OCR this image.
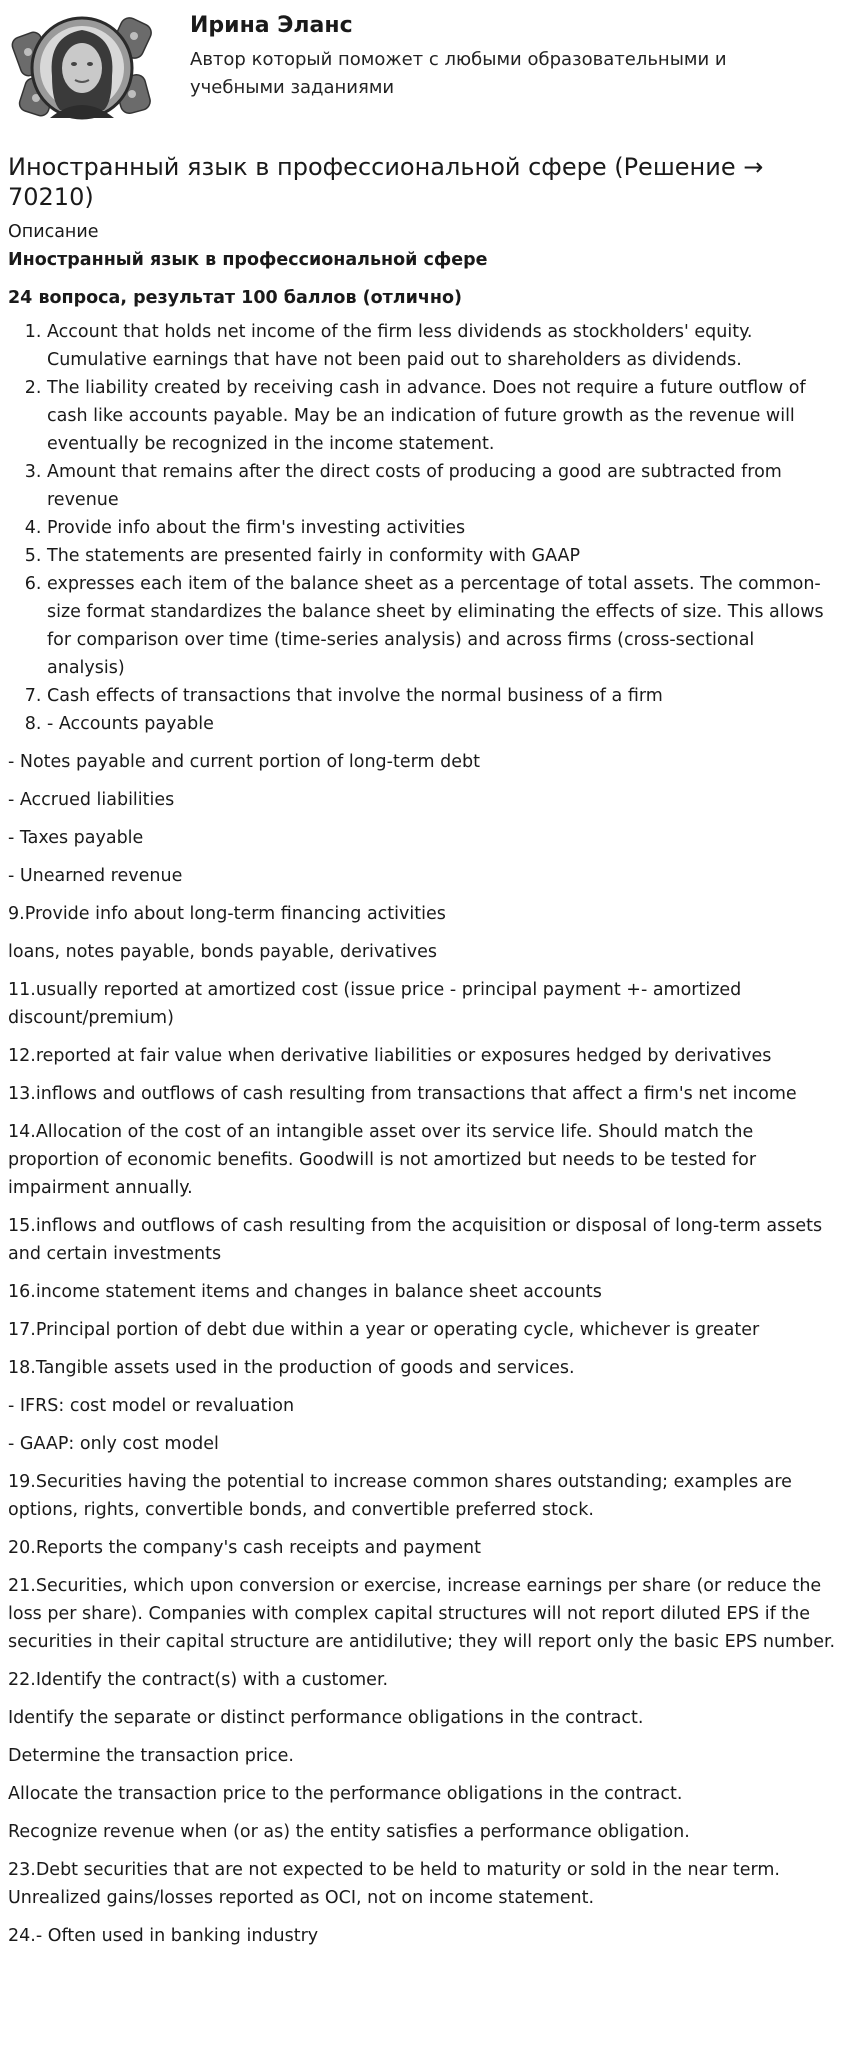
Ирина Эланс
Автор который поможет с любыми образовательными и учебными заданиями
Иностранный язык в профессиональной сфере (Решение → 70210)
Описание
Иностранный язык в профессиональной сфере
24 вопроса, результат 100 баллов (отлично)
1. Account that holds net income of the firm less dividends as stockholders' equity. Cumulative earnings that have not been paid out to shareholders as dividends.
2. The liability created by receiving cash in advance. Does not require a future outflow of cash like accounts payable. May be an indication of future growth as the revenue will eventually be recognized in the income statement.
3. Amount that remains after the direct costs of producing a good are subtracted from revenue
4. Provide info about the firm's investing activities
5. The statements are presented fairly in conformity with GAAP
6. expresses each item of the balance sheet as a percentage of total assets. The common-size format standardizes the balance sheet by eliminating the effects of size. This allows for comparison over time (time-series analysis) and across firms (cross-sectional analysis)
7. Cash effects of transactions that involve the normal business of a firm
8. - Accounts payable

- Notes payable and current portion of long-term debt

- Accrued liabilities

- Taxes payable

- Unearned revenue

9.Provide info about long-term financing activities

loans, notes payable, bonds payable, derivatives

11.usually reported at amortized cost (issue price - principal payment +- amortized discount/premium)

12.reported at fair value when derivative liabilities or exposures hedged by derivatives

13.inflows and outflows of cash resulting from transactions that affect a firm's net income

14.Allocation of the cost of an intangible asset over its service life. Should match the proportion of economic benefits. Goodwill is not amortized but needs to be tested for impairment annually.

15.inflows and outflows of cash resulting from the acquisition or disposal of long-term assets and certain investments

16.income statement items and changes in balance sheet accounts

17.Principal portion of debt due within a year or operating cycle, whichever is greater

18.Tangible assets used in the production of goods and services.

- IFRS: cost model or revaluation

- GAAP: only cost model

19.Securities having the potential to increase common shares outstanding; examples are options, rights, convertible bonds, and convertible preferred stock.

20.Reports the company's cash receipts and payment

21.Securities, which upon conversion or exercise, increase earnings per share (or reduce the loss per share). Companies with complex capital structures will not report diluted EPS if the securities in their capital structure are antidilutive; they will report only the basic EPS number.

22.Identify the contract(s) with a customer.

Identify the separate or distinct performance obligations in the contract.

Determine the transaction price.

Allocate the transaction price to the performance obligations in the contract.

Recognize revenue when (or as) the entity satisfies a performance obligation.

23.Debt securities that are not expected to be held to maturity or sold in the near term. Unrealized gains/losses reported as OCI, not on income statement.

24.- Often used in banking industry
